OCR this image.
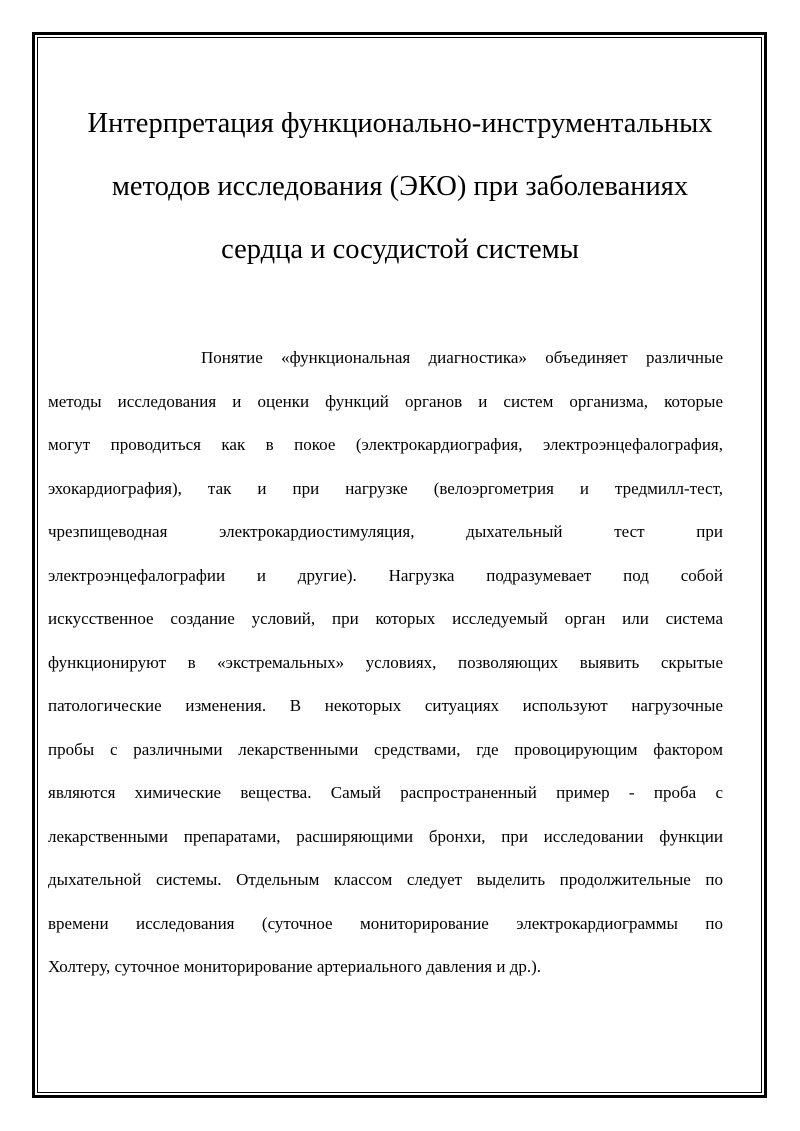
Интерпретация функционально-инструментальных
методов исследования (ЭКО) при заболеваниях
сердца и сосудистой системы

Понятие «функциональная диагностика» объединяет различные
методы исследования и оценки функций органов и систем организма, которые
могут проводиться как в покое (электрокардиография, электроэнцефалография,
эхокардиография), так и при нагрузке (велоэргометрия и тредмилл-тест,
чрезпищеводная электрокардиостимуляция, дыхательный тест при
электроэнцефалографии и другие). Нагрузка подразумевает под собой
искусственное создание условий, при которых исследуемый орган или система
функционируют в «экстремальных» условиях, позволяющих выявить скрытые
патологические изменения. В некоторых ситуациях используют нагрузочные
пробы с различными лекарственными средствами, где провоцирующим фактором
являются химические вещества. Самый распространенный пример - проба с
лекарственными препаратами, расширяющими бронхи, при исследовании функции
дыхательной системы. Отдельным классом следует выделить продолжительные по
времени исследования (суточное мониторирование электрокардиограммы по
Холтеру, суточное мониторирование артериального давления и др.).
